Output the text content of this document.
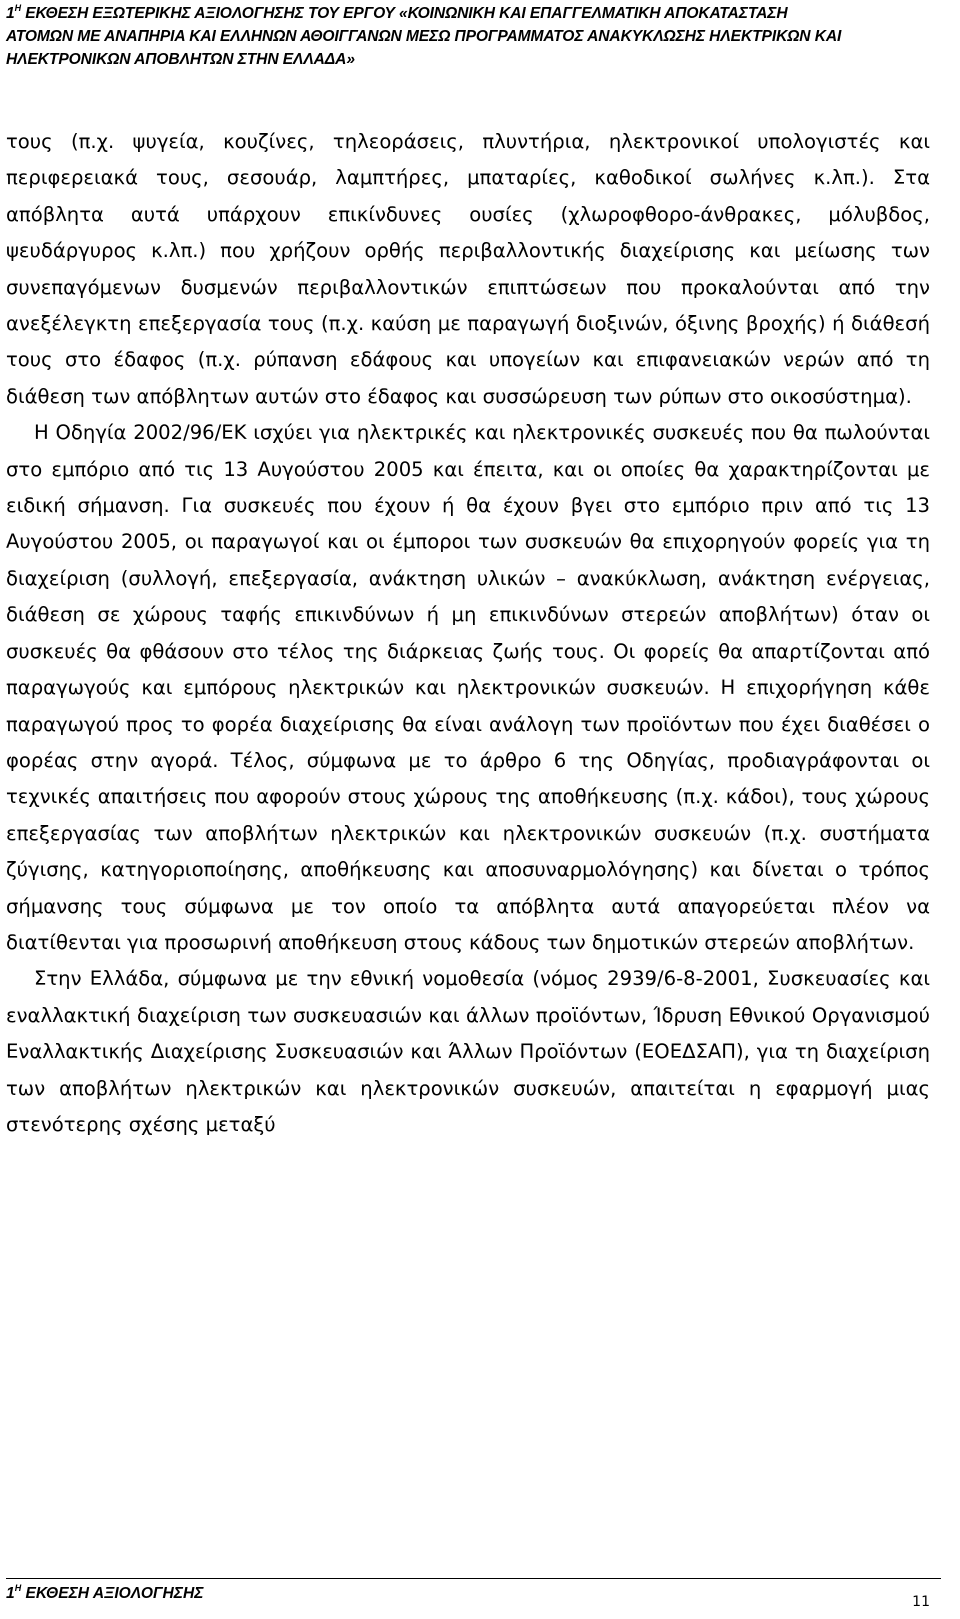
$1^H$ ΕΚΘΕΣΗ ΕΞΩΤΕΡΙΚΗΣ ΑΞΙΟΛΟΓΗΣΗΣ ΤΟΥ ΕΡΓΟΥ «ΚΟΙΝΩΝΙΚΗ ΚΑΙ ΕΠΑΓΓΕΛΜΑΤΙΚΗ ΑΠΟΚΑΤΑΣΤΑΣΗ
ΑΤΟΜΩΝ ΜΕ ΑΝΑΠΗΡΙΑ ΚΑΙ ΕΛΛΗΝΩΝ ΑΘΟΙΓΓΑΝΩΝ ΜΕΣΩ ΠΡΟΓΡΑΜΜΑΤΟΣ ΑΝΑΚΥΚΛΩΣΗΣ ΗΛΕΚΤΡΙΚΩΝ ΚΑΙ
ΗΛΕΚΤΡΟΝΙΚΩΝ ΑΠΟΒΛΗΤΩΝ ΣΤΗΝ ΕΛΛΑΔΑ»

τους (π.χ. ψυγεία, κουζίνες, τηλεοράσεις, πλυντήρια, ηλεκτρονικοί υπολογιστές και περιφερειακά τους, σεσουάρ, λαμπτήρες, μπαταρίες, καθοδικοί σωλήνες κ.λπ.). Στα απόβλητα αυτά υπάρχουν επικίνδυνες ουσίες (χλωροφθορο-άνθρακες, μόλυβδος, ψευδάργυρος κ.λπ.) που χρήζουν ορθής περιβαλλοντικής διαχείρισης και μείωσης των συνεπαγόμενων δυσμενών περιβαλλοντικών επιπτώσεων που προκαλούνται από την ανεξέλεγκτη επεξεργασία τους (π.χ. καύση με παραγωγή διοξινών, όξινης βροχής) ή διάθεσή τους στο έδαφος (π.χ. ρύπανση εδάφους και υπογείων και επιφανειακών νερών από τη διάθεση των απόβλητων αυτών στο έδαφος και συσσώρευση των ρύπων στο οικοσύστημα).

Η Οδηγία 2002/96/ΕΚ ισχύει για ηλεκτρικές και ηλεκτρονικές συσκευές που θα πωλούνται στο εμπόριο από τις 13 Αυγούστου 2005 και έπειτα, και οι οποίες θα χαρακτηρίζονται με ειδική σήμανση. Για συσκευές που έχουν ή θα έχουν βγει στο εμπόριο πριν από τις 13 Αυγούστου 2005, οι παραγωγοί και οι έμποροι των συσκευών θα επιχορηγούν φορείς για τη διαχείριση (συλλογή, επεξεργασία, ανάκτηση υλικών – ανακύκλωση, ανάκτηση ενέργειας, διάθεση σε χώρους ταφής επικινδύνων ή μη επικινδύνων στερεών αποβλήτων) όταν οι συσκευές θα φθάσουν στο τέλος της διάρκειας ζωής τους. Οι φορείς θα απαρτίζονται από παραγωγούς και εμπόρους ηλεκτρικών και ηλεκτρονικών συσκευών. Η επιχορήγηση κάθε παραγωγού προς το φορέα διαχείρισης θα είναι ανάλογη των προϊόντων που έχει διαθέσει ο φορέας στην αγορά. Τέλος, σύμφωνα με το άρθρο 6 της Οδηγίας, προδιαγράφονται οι τεχνικές απαιτήσεις που αφορούν στους χώρους της αποθήκευσης (π.χ. κάδοι), τους χώρους επεξεργασίας των αποβλήτων ηλεκτρικών και ηλεκτρονικών συσκευών (π.χ. συστήματα ζύγισης, κατηγοριοποίησης, αποθήκευσης και αποσυναρμολόγησης) και δίνεται ο τρόπος σήμανσης τους σύμφωνα με τον οποίο τα απόβλητα αυτά απαγορεύεται πλέον να διατίθενται για προσωρινή αποθήκευση στους κάδους των δημοτικών στερεών αποβλήτων.

Στην Ελλάδα, σύμφωνα με την εθνική νομοθεσία (νόμος 2939/6-8-2001, Συσκευασίες και εναλλακτική διαχείριση των συσκευασιών και άλλων προϊόντων, Ίδρυση Εθνικού Οργανισμού Εναλλακτικής Διαχείρισης Συσκευασιών και Άλλων Προϊόντων (ΕΟΕΔΣΑΠ), για τη διαχείριση των αποβλήτων ηλεκτρικών και ηλεκτρονικών συσκευών, απαιτείται η εφαρμογή μιας στενότερης σχέσης μεταξύ

$1^H$ ΕΚΘΕΣΗ ΑΞΙΟΛΟΓΗΣΗΣ	11
